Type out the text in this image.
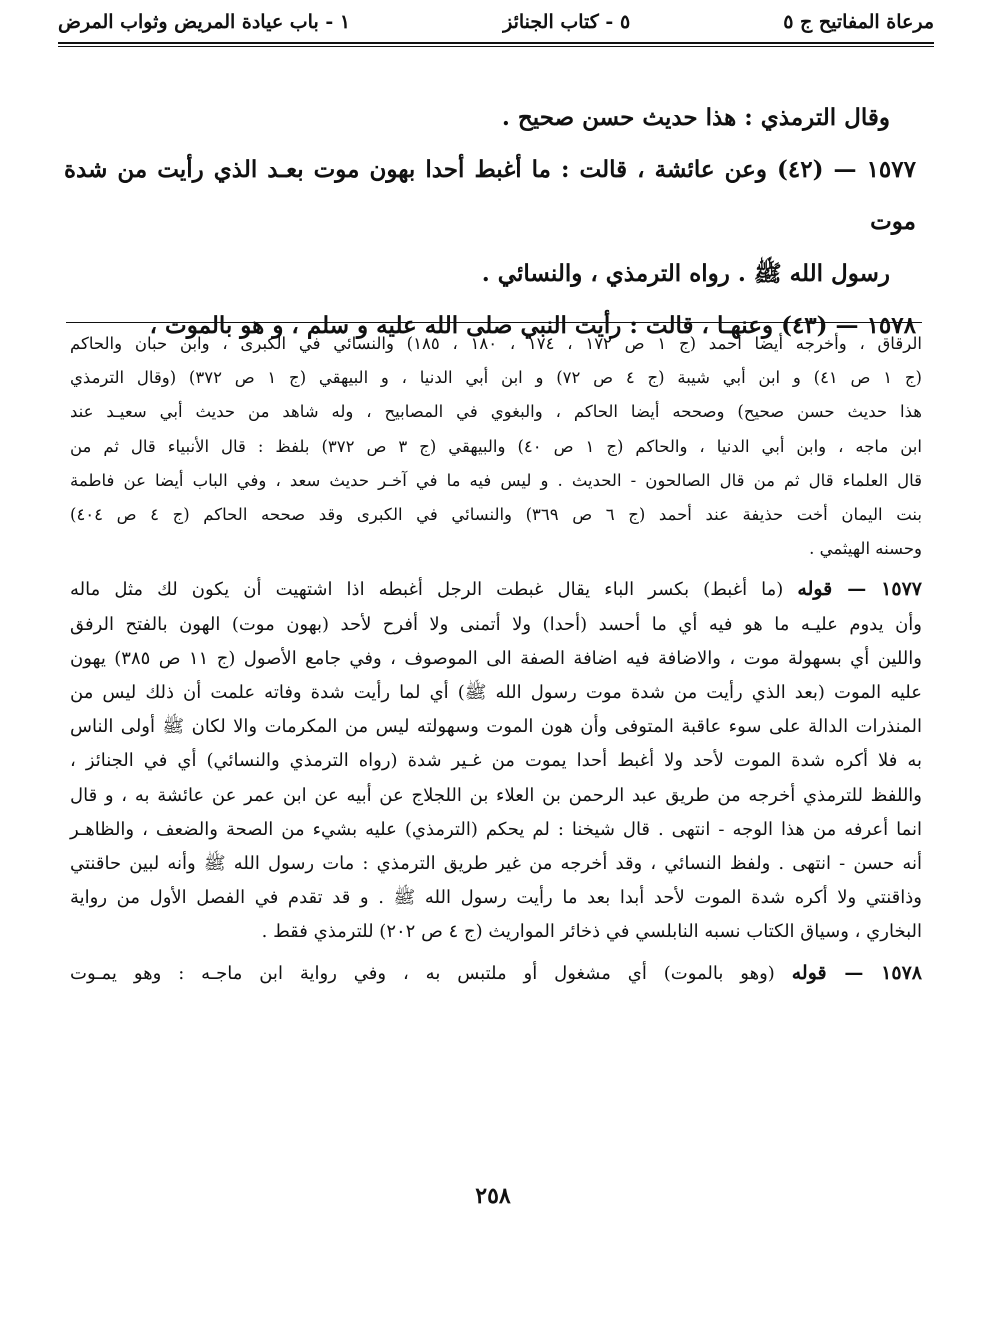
مرعاة المفاتيح ج ٥
٥ - كتاب الجنائز
١ - باب عيادة المريض وثواب المرض

وقال الترمذي : هذا حديث حسن صحيح .

١٥٧٧ — (٤٢) وعن عائشة ، قالت : ما أغبط أحدا بهون موت بعـد الذي رأيت من شدة موت

رسول الله ﷺ . رواه الترمذي ، والنسائي .

١٥٧٨ — (٤٣) وعنهـا ، قالت : رأيت النبي صلى الله عليه و سلم ، و هو بالموت ،

الرقاق ، وأخرجه أيضا أحمد (ج ١ ص ١٧٢ ، ١٧٤ ، ١٨٠ ، ١٨٥) والنسائي في الكبرى ، وابن حبان والحاكم

(ج ١ ص ٤١) و ابن أبي شيبة (ج ٤ ص ٧٢) و ابن أبي الدنيا ، و البيهقي (ج ١ ص ٣٧٢) (وقال الترمذي

هذا حديث حسن صحيح) وصححه أيضا الحاكم ، والبغوي في المصابيح ، وله شاهد من حديث أبي سعيـد عند

ابن ماجه ، وابن أبي الدنيا ، والحاكم (ج ١ ص ٤٠) والبيهقي (ج ٣ ص ٣٧٢) بلفظ : قال الأنبياء قال ثم من

قال العلماء قال ثم من قال الصالحون - الحديث . و ليس فيه ما في آخـر حديث سعد ، وفي الباب أيضا عن فاطمة

بنت اليمان أخت حذيفة عند أحمد (ج ٦ ص ٣٦٩) والنسائي في الكبرى وقد صححه الحاكم (ج ٤ ص ٤٠٤)

وحسنه الهيثمي .

١٥٧٧ — قوله (ما أغبط) بكسر الباء يقال غبطت الرجل أغبطه اذا اشتهيت أن يكون لك مثل ماله

وأن يدوم عليـه ما هو فيه أي ما أحسد (أحدا) ولا أتمنى ولا أفرح لأحد (بهون موت) الهون بالفتح الرفق

واللين أي بسهولة موت ، والاضافة فيه اضافة الصفة الى الموصوف ، وفي جامع الأصول (ج ١١ ص ٣٨٥) يهون

عليه الموت (بعد الذي رأيت من شدة موت رسول الله ﷺ) أي لما رأيت شدة وفاته علمت أن ذلك ليس من

المنذرات الدالة على سوء عاقبة المتوفى وأن هون الموت وسهولته ليس من المكرمات والا لكان ﷺ أولى الناس

به فلا أكره شدة الموت لأحد ولا أغبط أحدا يموت من غـير شدة (رواه الترمذي والنسائي) أي في الجنائز ،

واللفظ للترمذي أخرجه من طريق عبد الرحمن بن العلاء بن اللجلاج عن أبيه عن ابن عمر عن عائشة به ، و قال

انما أعرفه من هذا الوجه - انتهى . قال شيخنا : لم يحكم (الترمذي) عليه بشيء من الصحة والضعف ، والظاهـر

أنه حسن - انتهى . ولفظ النسائي ، وقد أخرجه من غير طريق الترمذي : مات رسول الله ﷺ وأنه لبين حاقنتي

وذاقنتي ولا أكره شدة الموت لأحد أبدا بعد ما رأيت رسول الله ﷺ . و قد تقدم في الفصل الأول من رواية

البخاري ، وسياق الكتاب نسبه النابلسي في ذخائر المواريث (ج ٤ ص ٢٠٢) للترمذي فقط .

١٥٧٨ — قوله (وهو بالموت) أي مشغول أو ملتبس به ، وفي رواية ابن ماجـه : وهو يمـوت

٢٥٨
